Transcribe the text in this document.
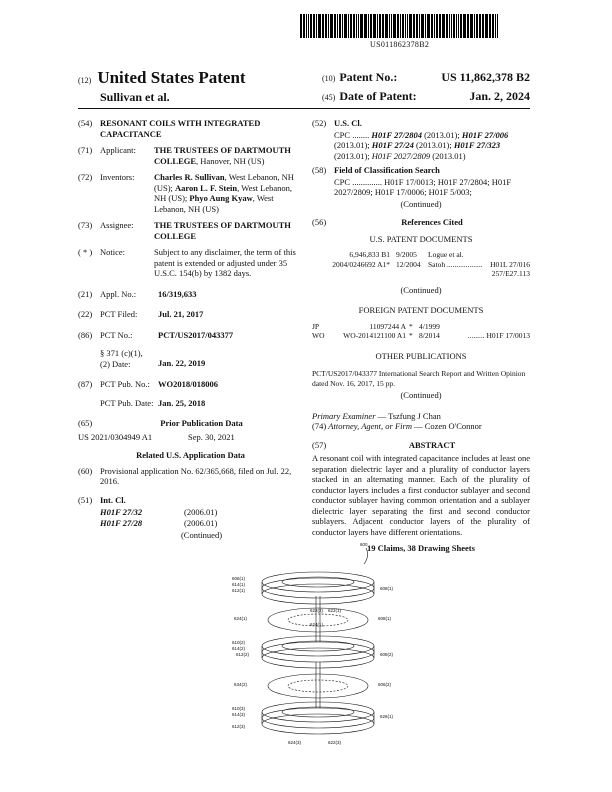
US011862378B2
(12) United States Patent
Sullivan et al.
(10) Patent No.:	US 11,862,378 B2
(45) Date of Patent:	Jan. 2, 2024
(54) RESONANT COILS WITH INTEGRATED CAPACITANCE
(71) Applicant:	THE TRUSTEES OF DARTMOUTH COLLEGE, Hanover, NH (US)
(72) Inventors:	Charles R. Sullivan, West Lebanon, NH (US); Aaron L. F. Stein, West Lebanon, NH (US); Phyo Aung Kyaw, West Lebanon, NH (US)
(73) Assignee:	THE TRUSTEES OF DARTMOUTH COLLEGE
( * ) Notice:	Subject to any disclaimer, the term of this patent is extended or adjusted under 35 U.S.C. 154(b) by 1382 days.
(21) Appl. No.:	16/319,633
(22) PCT Filed:	Jul. 21, 2017
(86) PCT No.:	PCT/US2017/043377
§ 371 (c)(1),
(2) Date:	Jan. 22, 2019
(87) PCT Pub. No.: WO2018/018006
PCT Pub. Date: Jan. 25, 2018
(65)	Prior Publication Data
US 2021/0304949 A1	Sep. 30, 2021
Related U.S. Application Data
(60) Provisional application No. 62/365,668, filed on Jul. 22, 2016.
(51) Int. Cl.
H01F 27/32	(2006.01)
H01F 27/28	(2006.01)
(Continued)
(52) U.S. Cl.
CPC ........ H01F 27/2804 (2013.01); H01F 27/006 (2013.01); H01F 27/24 (2013.01); H01F 27/323 (2013.01); H01F 2027/2809 (2013.01)
(58) Field of Classification Search
CPC .............. H01F 17/0013; H01F 27/2804; H01F 2027/2809; H01F 17/0006; H01F 5/003;
(Continued)
(56)	References Cited
U.S. PATENT DOCUMENTS
6,946,833 B1 9/2005	Logue et al.
2004/0246692 A1* 12/2004 Satoh ................... H01L 27/016
257/E27.113
(Continued)
FOREIGN PATENT DOCUMENTS
JP	11097244 A * 4/1999
WO	WO-2014121100 A1 * 8/2014	......... H01F 17/0013
OTHER PUBLICATIONS
PCT/US2017/043377 International Search Report and Written Opinion dated Nov. 16, 2017, 15 pp.
(Continued)
Primary Examiner — Tszfung J Chan
(74) Attorney, Agent, or Firm — Cozen O'Connor
(57)	ABSTRACT
A resonant coil with integrated capacitance includes at least one separation dielectric layer and a plurality of conductor layers stacked in an alternating manner. Each of the plurality of conductor layers includes a first conductor sublayer and second conductor sublayer having common orientation and a sublayer dielectric layer separating the first and second conductor sublayers. Adjacent conductor layers of the plurality of conductor layers have different orientations.
19 Claims, 38 Drawing Sheets
600
606(1)
614(1)
612(1)	608(1)
624(1)
622(2) 622(1)
608(1)
624(1)
610(2)
614(2)
612(2)	608(2)
606(2)
634(2)
610(3)
614(3)
612(3)
626(1)
624(3)	622(3)
